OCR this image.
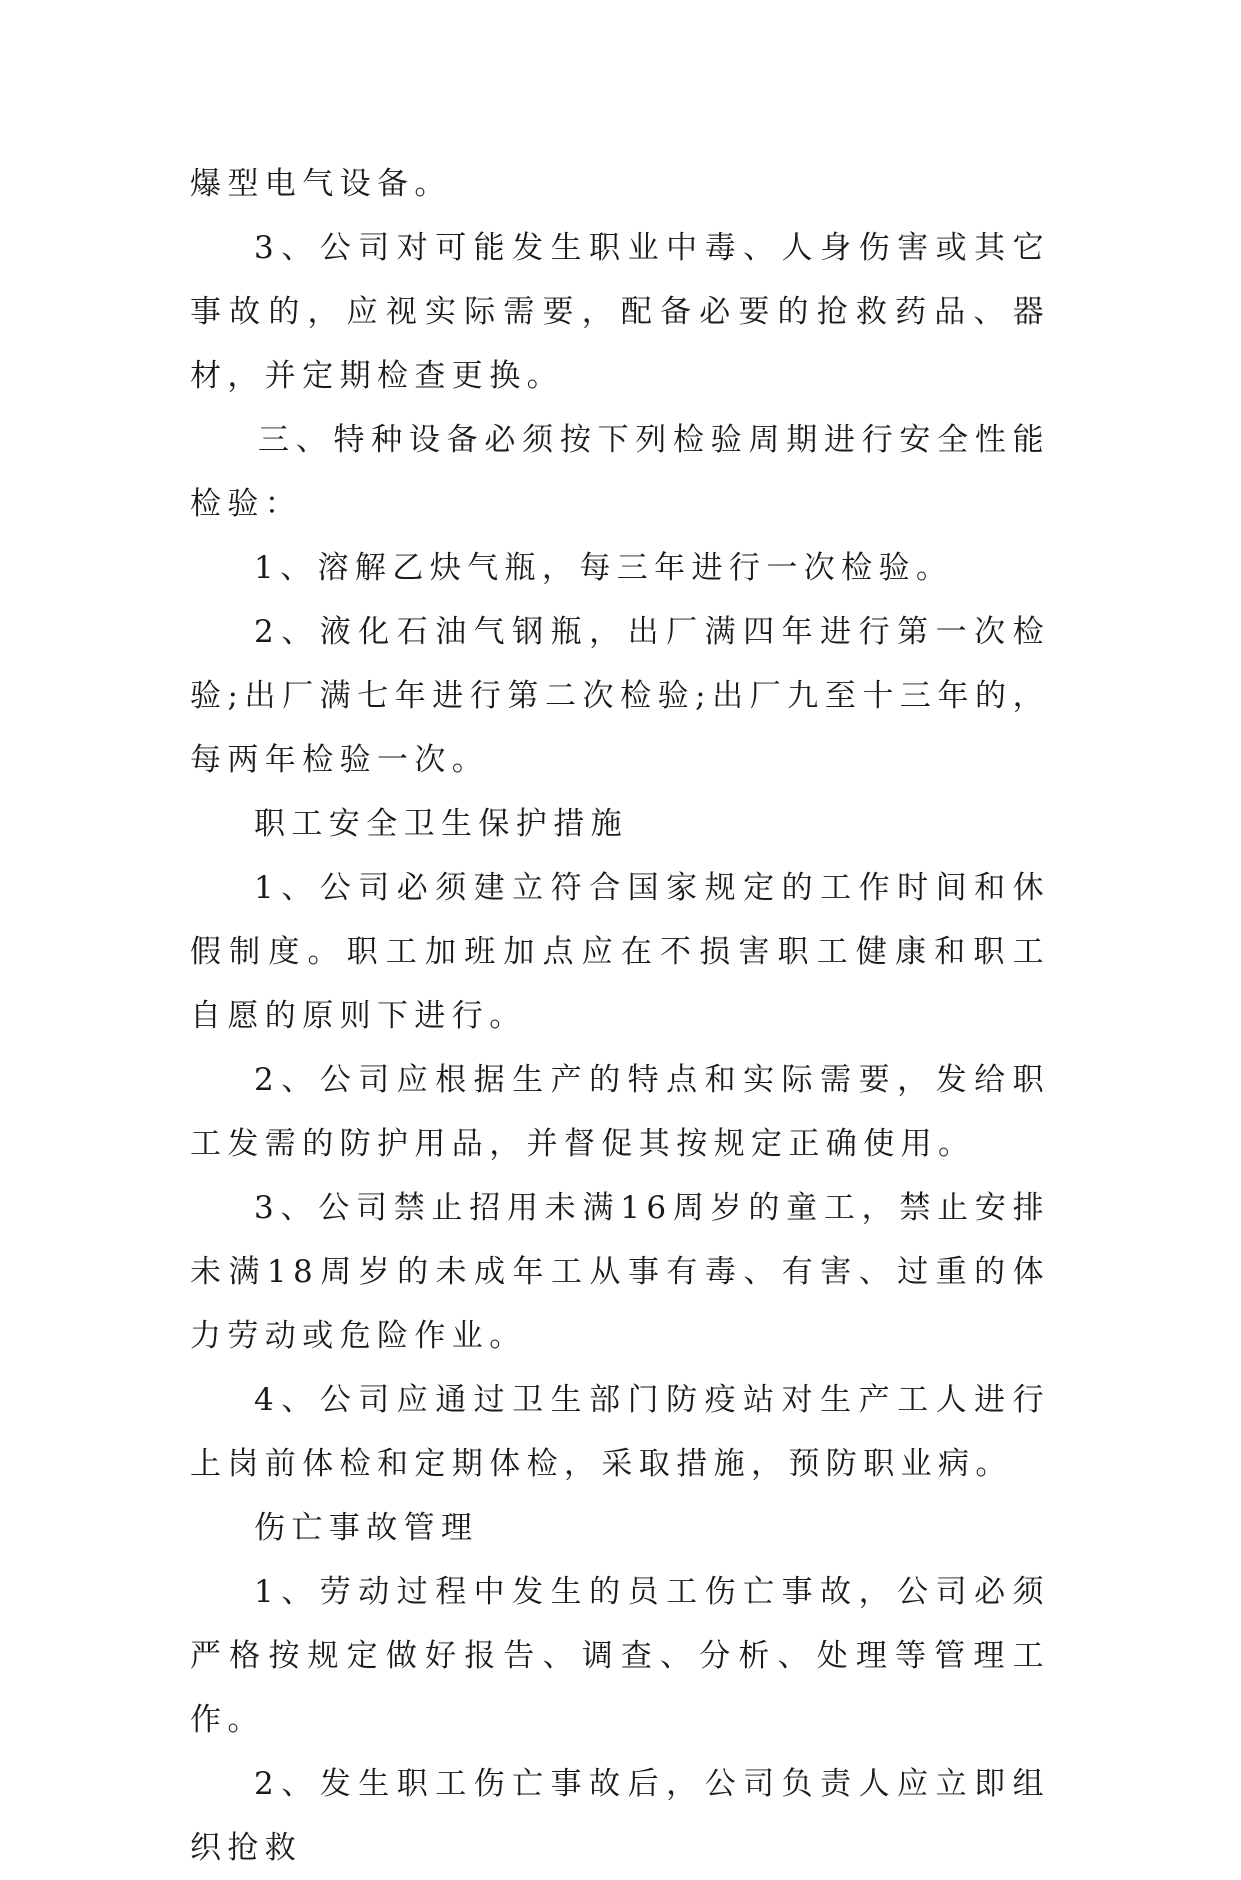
爆型电气设备。

3、公司对可能发生职业中毒、人身伤害或其它事故的，应视实际需要，配备必要的抢救药品、器材，并定期检查更换。

三、特种设备必须按下列检验周期进行安全性能检验：

1、溶解乙炔气瓶，每三年进行一次检验。

2、液化石油气钢瓶，出厂满四年进行第一次检验;出厂满七年进行第二次检验;出厂九至十三年的，每两年检验一次。

职工安全卫生保护措施

1、公司必须建立符合国家规定的工作时间和休假制度。职工加班加点应在不损害职工健康和职工自愿的原则下进行。

2、公司应根据生产的特点和实际需要，发给职工发需的防护用品，并督促其按规定正确使用。

3、公司禁止招用未满16周岁的童工，禁止安排未满18周岁的未成年工从事有毒、有害、过重的体力劳动或危险作业。

4、公司应通过卫生部门防疫站对生产工人进行上岗前体检和定期体检，采取措施，预防职业病。

伤亡事故管理

1、劳动过程中发生的员工伤亡事故，公司必须严格按规定做好报告、调查、分析、处理等管理工作。

2、发生职工伤亡事故后，公司负责人应立即组织抢救
